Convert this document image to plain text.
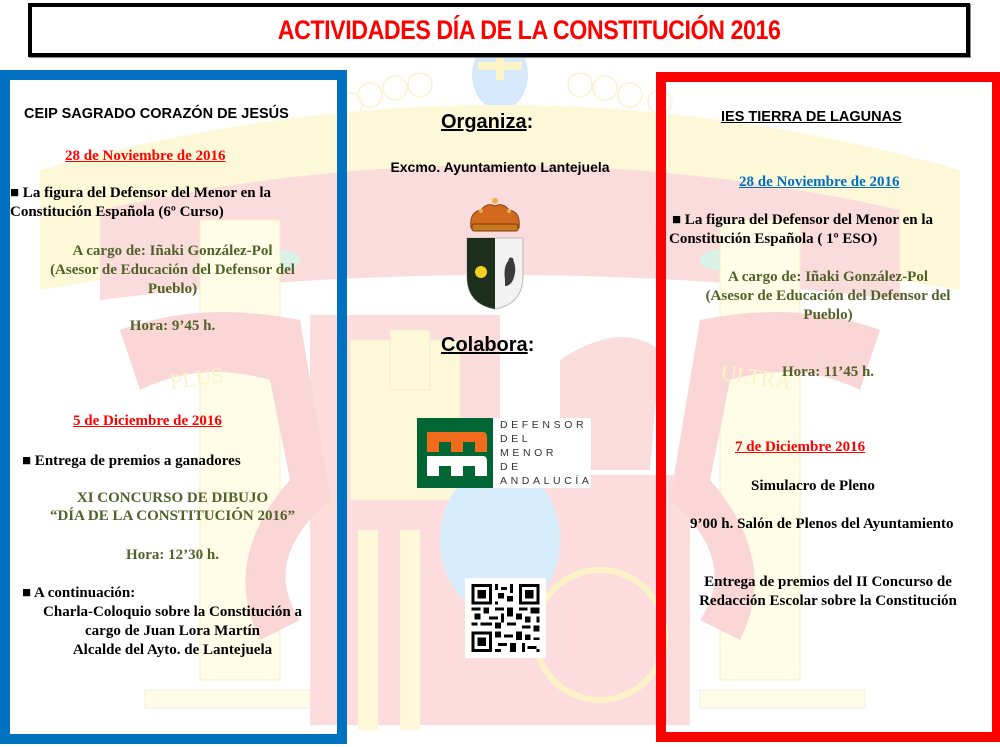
PLUS	ULTRA
ACTIVIDADES DÍA DE LA CONSTITUCIÓN 2016
CEIP SAGRADO CORAZÓN DE JESÚS
28 de Noviembre de 2016
■ La figura del Defensor del Menor en la
Constitución Española (6º Curso)
A cargo de: Iñaki González-Pol
(Asesor de Educación del Defensor del
Pueblo)
Hora: 9’45 h.
5 de Diciembre de 2016
■ Entrega de premios a ganadores
XI CONCURSO DE DIBUJO
“DÍA DE LA CONSTITUCIÓN 2016”
Hora: 12’30 h.
■ A continuación:
Charla-Coloquio sobre la Constitución a
cargo de Juan Lora Martín
Alcalde del Ayto. de Lantejuela
Organiza:
Excmo. Ayuntamiento Lantejuela
Colabora:
DEFENSOR
DEL MENOR
DE ANDALUCÍA
IES TIERRA DE LAGUNAS
28 de Noviembre de 2016
■ La figura del Defensor del Menor en la
Constitución Española ( 1º ESO)
A cargo de: Iñaki González-Pol
(Asesor de Educación del Defensor del
Pueblo)
Hora: 11’45 h.
7 de Diciembre 2016
Simulacro de Pleno
9’00 h. Salón de Plenos del Ayuntamiento
Entrega de premios del II Concurso de
Redacción Escolar sobre la Constitución
